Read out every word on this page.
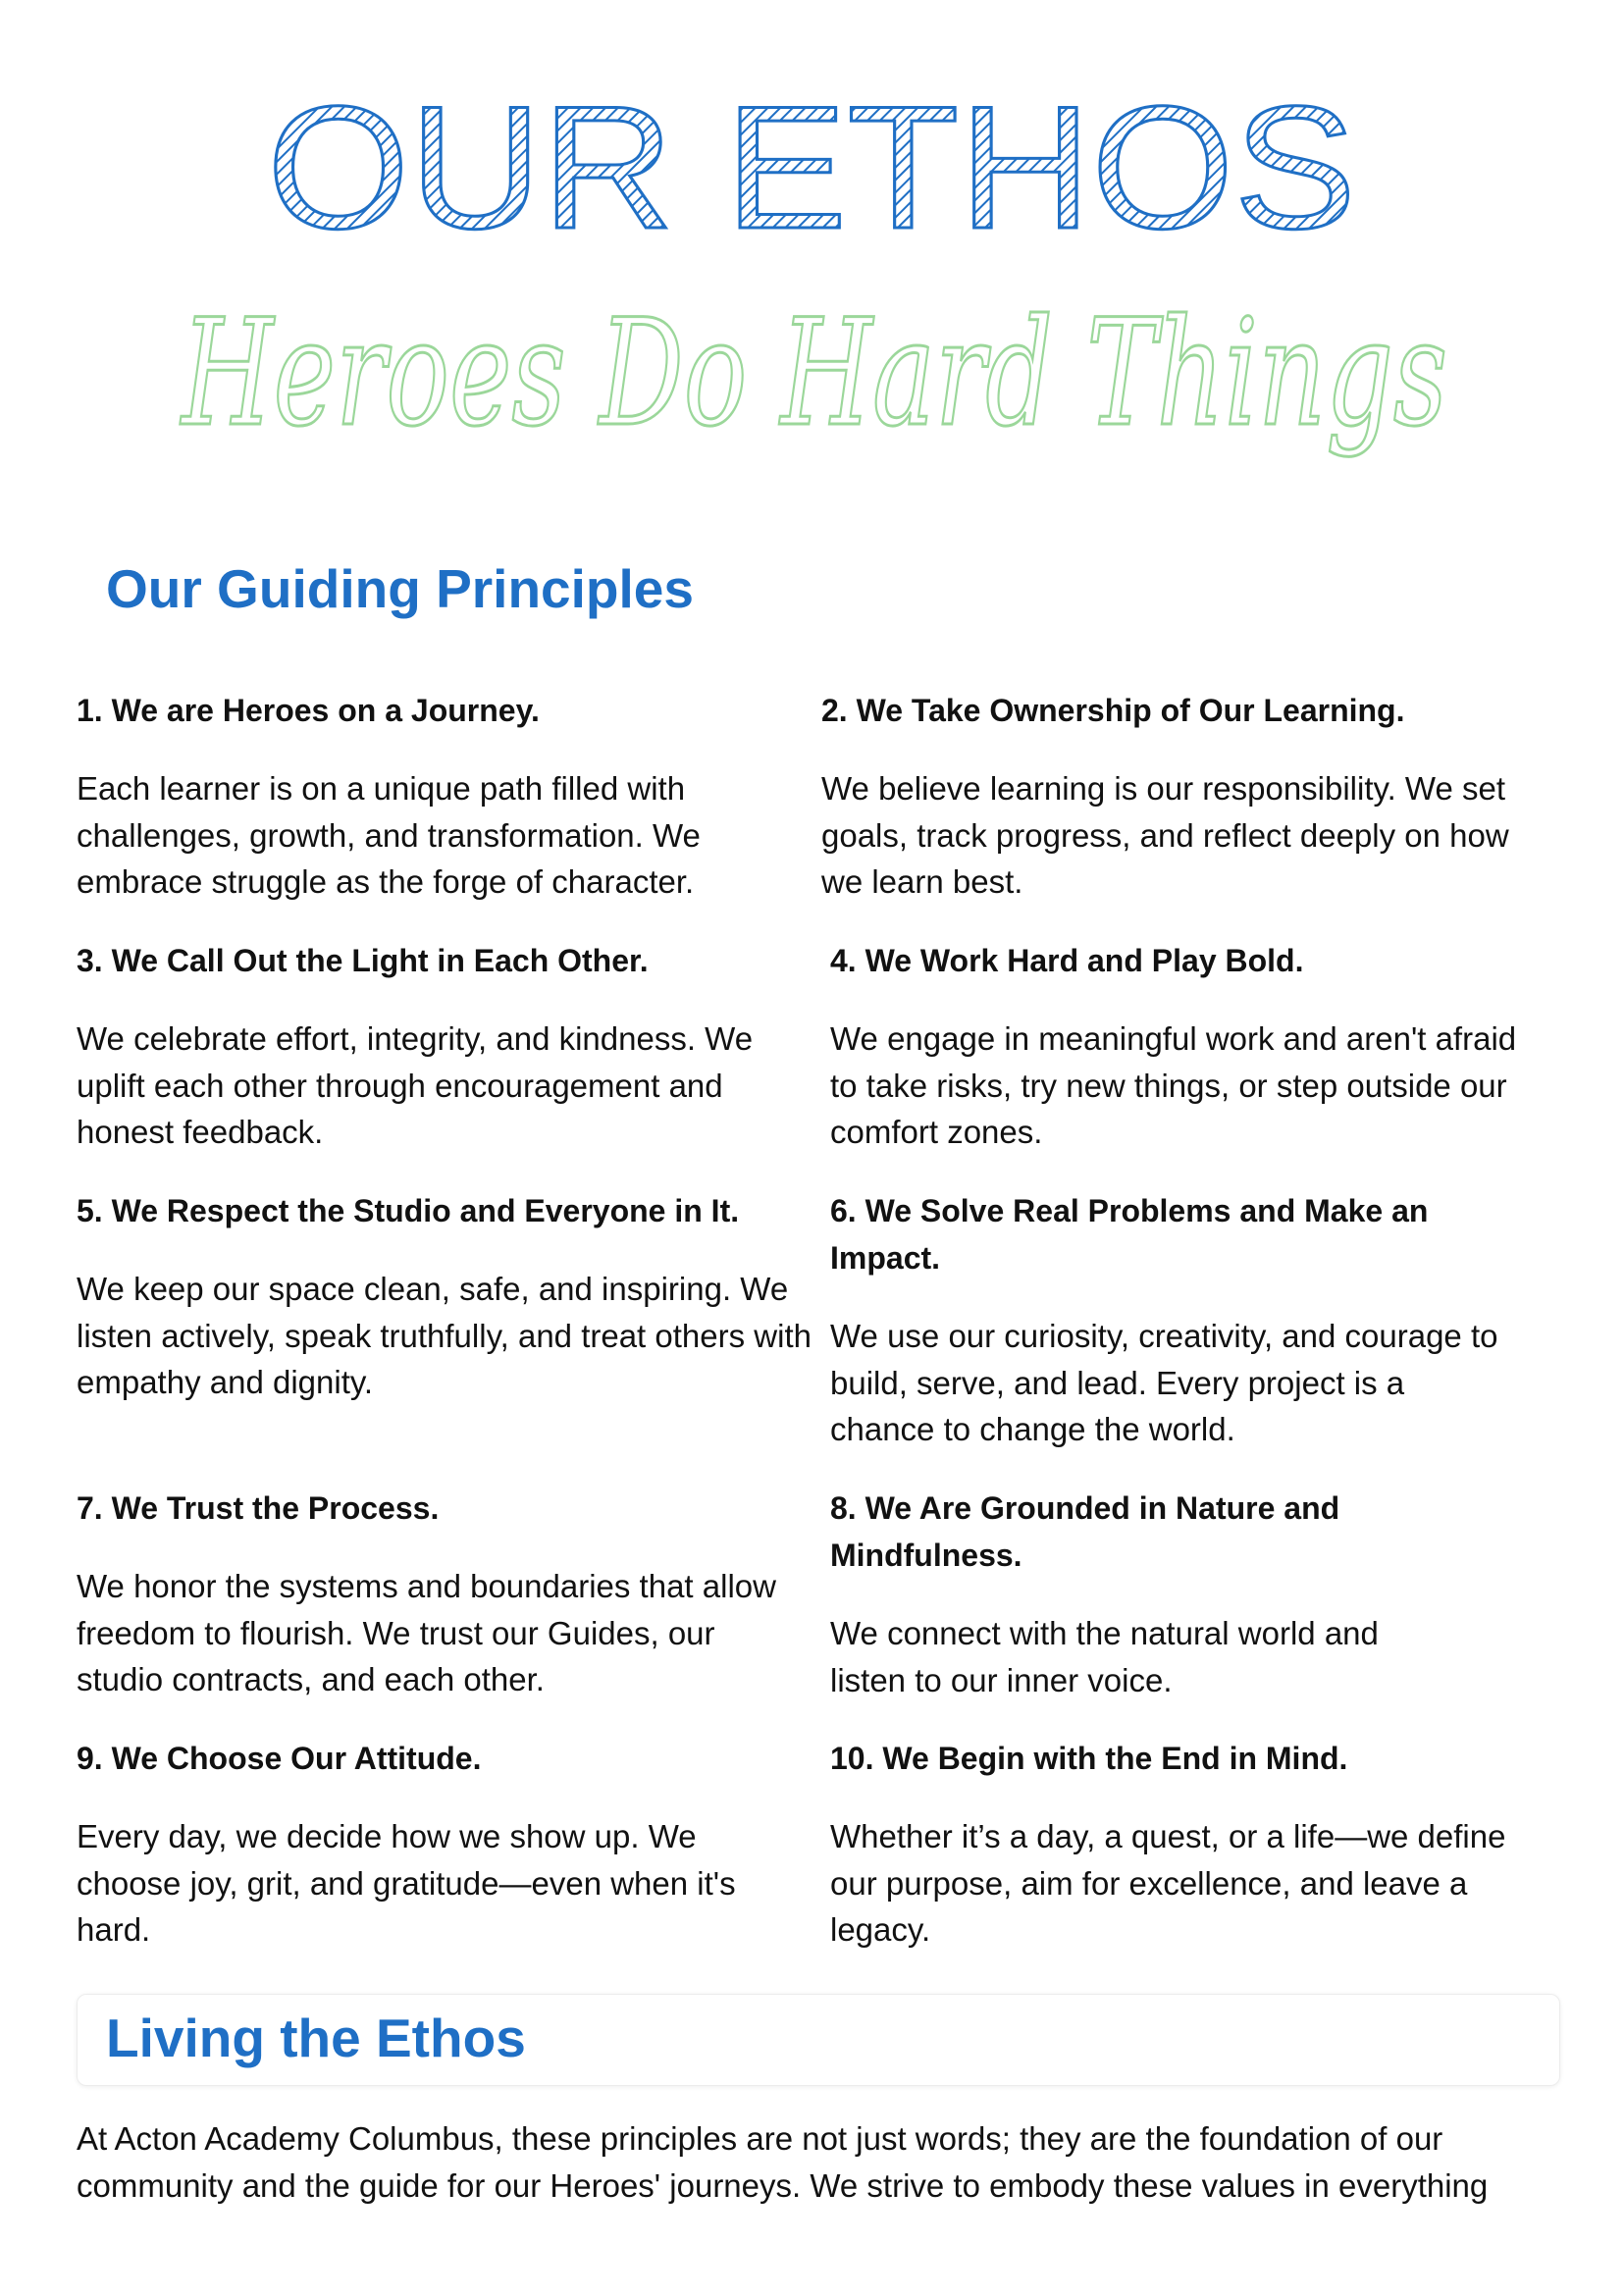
OUR ETHOS
Heroes Do Hard Things
Our Guiding Principles

1. We are Heroes on a Journey.

Each learner is on a unique path filled with challenges, growth, and transformation. We embrace struggle as the forge of character.

2. We Take Ownership of Our Learning.

We believe learning is our responsibility. We set goals, track progress, and reflect deeply on how we learn best.

3. We Call Out the Light in Each Other.

We celebrate effort, integrity, and kindness. We uplift each other through encouragement and honest feedback.

4. We Work Hard and Play Bold.

We engage in meaningful work and aren't afraid to take risks, try new things, or step outside our comfort zones.

5. We Respect the Studio and Everyone in It.

We keep our space clean, safe, and inspiring. We listen actively, speak truthfully, and treat others with empathy and dignity.

6. We Solve Real Problems and Make an Impact.

We use our curiosity, creativity, and courage to build, serve, and lead. Every project is a chance to change the world.

7. We Trust the Process.

We honor the systems and boundaries that allow freedom to flourish. We trust our Guides, our studio contracts, and each other.

8. We Are Grounded in Nature and Mindfulness.

We connect with the natural world and listen to our inner voice.

9. We Choose Our Attitude.

Every day, we decide how we show up. We choose joy, grit, and gratitude—even when it's hard.

10. We Begin with the End in Mind.

Whether it’s a day, a quest, or a life—we define our purpose, aim for excellence, and leave a legacy.

Living the Ethos

At Acton Academy Columbus, these principles are not just words; they are the foundation of our community and the guide for our Heroes' journeys. We strive to embody these values in everything
